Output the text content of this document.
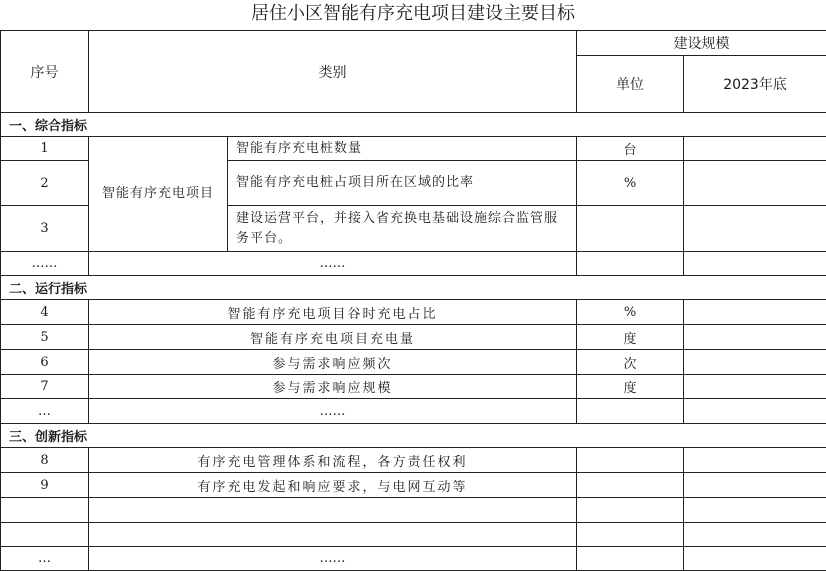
居住小区智能有序充电项目建设主要目标
序号	类别		建设规模		
			单位	2023年底	
一、综合指标					
1	智能有序充电项目	智能有序充电桩数量	台		
2		智能有序充电桩占项目所在区域的比率	%		
3		建设运营平台，并接入省充换电基础设施综合监管服务平台。			
……	……				
二、运行指标					
4	智能有序充电项目谷时充电占比		%		
5	智能有序充电项目充电量		度		
6	参与需求响应频次		次		
7	参与需求响应规模		度		
…	……				
三、创新指标					
8	有序充电管理体系和流程，各方责任权利				
9	有序充电发起和响应要求，与电网互动等				

…	……				
